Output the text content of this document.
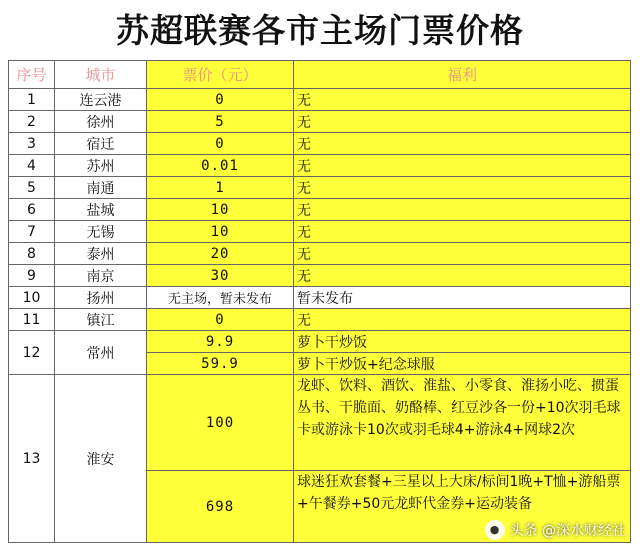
苏超联赛各市主场门票价格
序号	城市	票价（元）	福利
1	连云港	0	无
2	徐州	5	无
3	宿迁	0	无
4	苏州	0.01	无
5	南通	1	无
6	盐城	10	无
7	无锡	10	无
8	泰州	20	无
9	南京	30	无
10	扬州	无主场，暂未发布	暂未发布
11	镇江	0	无
12	常州	9.9	萝卜干炒饭
		59.9	萝卜干炒饭+纪念球服
13	淮安	100	龙虾、饮料、酒饮、淮盐、小零食、淮扬小吃、掼蛋丛书、干脆面、奶酪棒、红豆沙各一份+10次羽毛球卡或游泳卡10次或羽毛球4+游泳4+网球2次
		698	球迷狂欢套餐+三星以上大床/标间1晚+T恤+游船票+午餐券+50元龙虾代金券+运动装备
● 头条 @深水财经社
